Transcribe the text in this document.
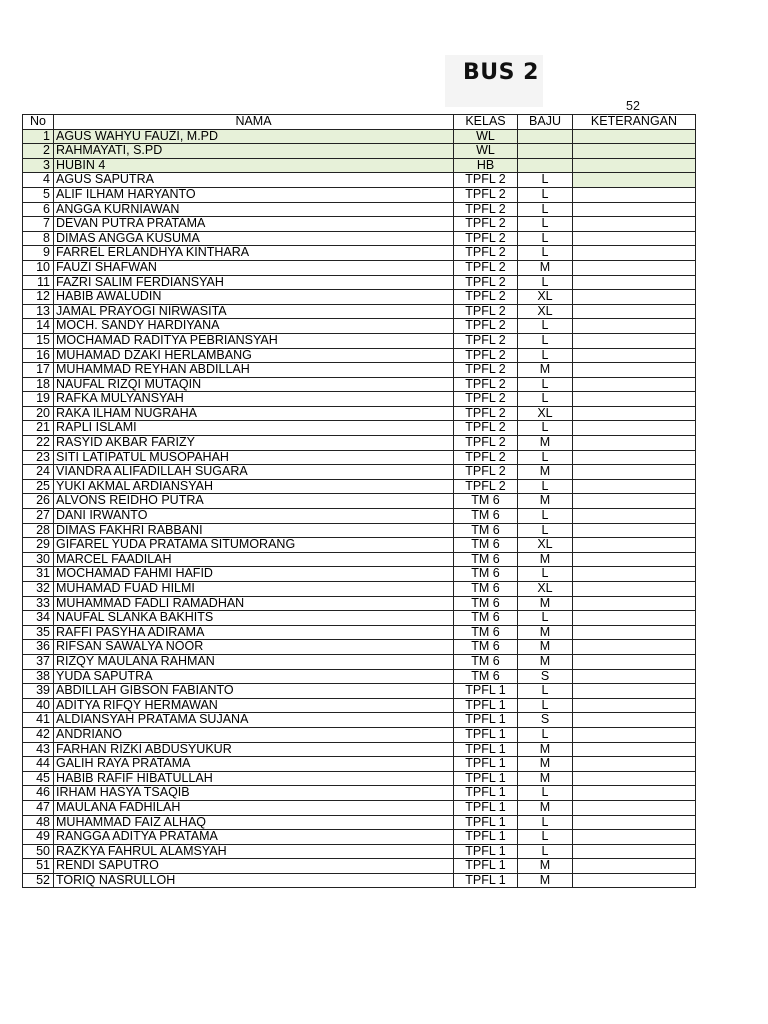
BUS 2
52
No	NAMA	KELAS	BAJU	KETERANGAN
1	AGUS WAHYU FAUZI, M.PD	WL		
2	RAHMAYATI, S.PD	WL		
3	HUBIN 4	HB		
4	AGUS SAPUTRA	TPFL 2	L	
5	ALIF ILHAM HARYANTO	TPFL 2	L	
6	ANGGA KURNIAWAN	TPFL 2	L	
7	DEVAN PUTRA PRATAMA	TPFL 2	L	
8	DIMAS ANGGA KUSUMA	TPFL 2	L	
9	FARREL ERLANDHYA KINTHARA	TPFL 2	L	
10	FAUZI SHAFWAN	TPFL 2	M	
11	FAZRI SALIM FERDIANSYAH	TPFL 2	L	
12	HABIB AWALUDIN	TPFL 2	XL	
13	JAMAL PRAYOGI NIRWASITA	TPFL 2	XL	
14	MOCH. SANDY HARDIYANA	TPFL 2	L	
15	MOCHAMAD RADITYA PEBRIANSYAH	TPFL 2	L	
16	MUHAMAD DZAKI HERLAMBANG	TPFL 2	L	
17	MUHAMMAD REYHAN ABDILLAH	TPFL 2	M	
18	NAUFAL RIZQI MUTAQIN	TPFL 2	L	
19	RAFKA MULYANSYAH	TPFL 2	L	
20	RAKA ILHAM NUGRAHA	TPFL 2	XL	
21	RAPLI ISLAMI	TPFL 2	L	
22	RASYID AKBAR FARIZY	TPFL 2	M	
23	SITI LATIPATUL MUSOPAHAH	TPFL 2	L	
24	VIANDRA ALIFADILLAH SUGARA	TPFL 2	M	
25	YUKI AKMAL ARDIANSYAH	TPFL 2	L	
26	ALVONS REIDHO PUTRA	TM 6	M	
27	DANI IRWANTO	TM 6	L	
28	DIMAS FAKHRI RABBANI	TM 6	L	
29	GIFAREL YUDA PRATAMA SITUMORANG	TM 6	XL	
30	MARCEL FAADILAH	TM 6	M	
31	MOCHAMAD FAHMI HAFID	TM 6	L	
32	MUHAMAD FUAD HILMI	TM 6	XL	
33	MUHAMMAD FADLI RAMADHAN	TM 6	M	
34	NAUFAL SLANKA BAKHITS	TM 6	L	
35	RAFFI PASYHA ADIRAMA	TM 6	M	
36	RIFSAN SAWALYA NOOR	TM 6	M	
37	RIZQY MAULANA RAHMAN	TM 6	M	
38	YUDA SAPUTRA	TM 6	S	
39	ABDILLAH GIBSON FABIANTO	TPFL 1	L	
40	ADITYA RIFQY HERMAWAN	TPFL 1	L	
41	ALDIANSYAH PRATAMA SUJANA	TPFL 1	S	
42	ANDRIANO	TPFL 1	L	
43	FARHAN RIZKI ABDUSYUKUR	TPFL 1	M	
44	GALIH RAYA PRATAMA	TPFL 1	M	
45	HABIB RAFIF HIBATULLAH	TPFL 1	M	
46	IRHAM HASYA TSAQIB	TPFL 1	L	
47	MAULANA FADHILAH	TPFL 1	M	
48	MUHAMMAD FAIZ ALHAQ	TPFL 1	L	
49	RANGGA ADITYA PRATAMA	TPFL 1	L	
50	RAZKYA FAHRUL ALAMSYAH	TPFL 1	L	
51	RENDI SAPUTRO	TPFL 1	M	
52	TORIQ NASRULLOH	TPFL 1	M	
